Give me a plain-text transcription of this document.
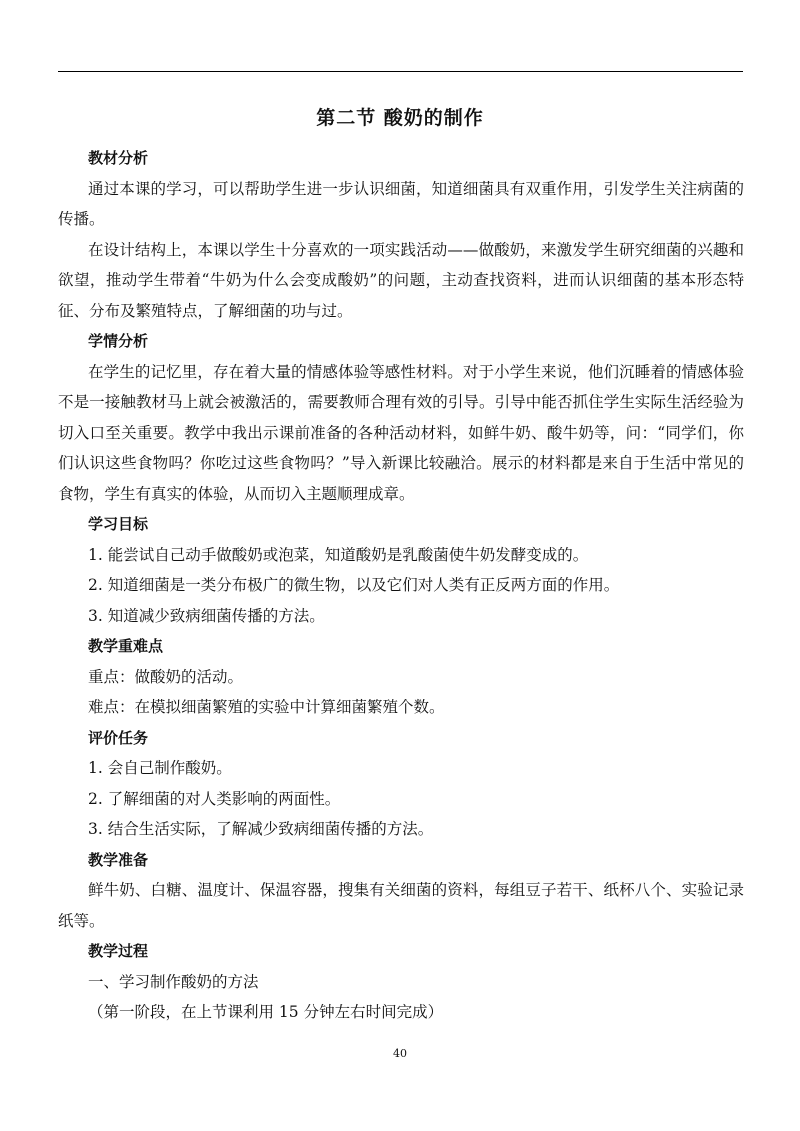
第二节 酸奶的制作
教材分析
通过本课的学习，可以帮助学生进一步认识细菌，知道细菌具有双重作用，引发学生关注病菌的传播。
在设计结构上，本课以学生十分喜欢的一项实践活动——做酸奶，来激发学生研究细菌的兴趣和欲望，推动学生带着“牛奶为什么会变成酸奶”的问题，主动查找资料，进而认识细菌的基本形态特征、分布及繁殖特点，了解细菌的功与过。
学情分析
在学生的记忆里，存在着大量的情感体验等感性材料。对于小学生来说，他们沉睡着的情感体验不是一接触教材马上就会被激活的，需要教师合理有效的引导。引导中能否抓住学生实际生活经验为切入口至关重要。教学中我出示课前准备的各种活动材料，如鲜牛奶、酸牛奶等，问：“同学们，你们认识这些食物吗？你吃过这些食物吗？”导入新课比较融洽。展示的材料都是来自于生活中常见的食物，学生有真实的体验，从而切入主题顺理成章。
学习目标
1. 能尝试自己动手做酸奶或泡菜，知道酸奶是乳酸菌使牛奶发酵变成的。
2. 知道细菌是一类分布极广的微生物，以及它们对人类有正反两方面的作用。
3. 知道减少致病细菌传播的方法。
教学重难点
重点：做酸奶的活动。
难点：在模拟细菌繁殖的实验中计算细菌繁殖个数。
评价任务
1. 会自己制作酸奶。
2. 了解细菌的对人类影响的两面性。
3. 结合生活实际，了解减少致病细菌传播的方法。
教学准备
鲜牛奶、白糖、温度计、保温容器，搜集有关细菌的资料，每组豆子若干、纸杯八个、实验记录纸等。
教学过程
一、学习制作酸奶的方法
（第一阶段，在上节课利用 15 分钟左右时间完成）
40
